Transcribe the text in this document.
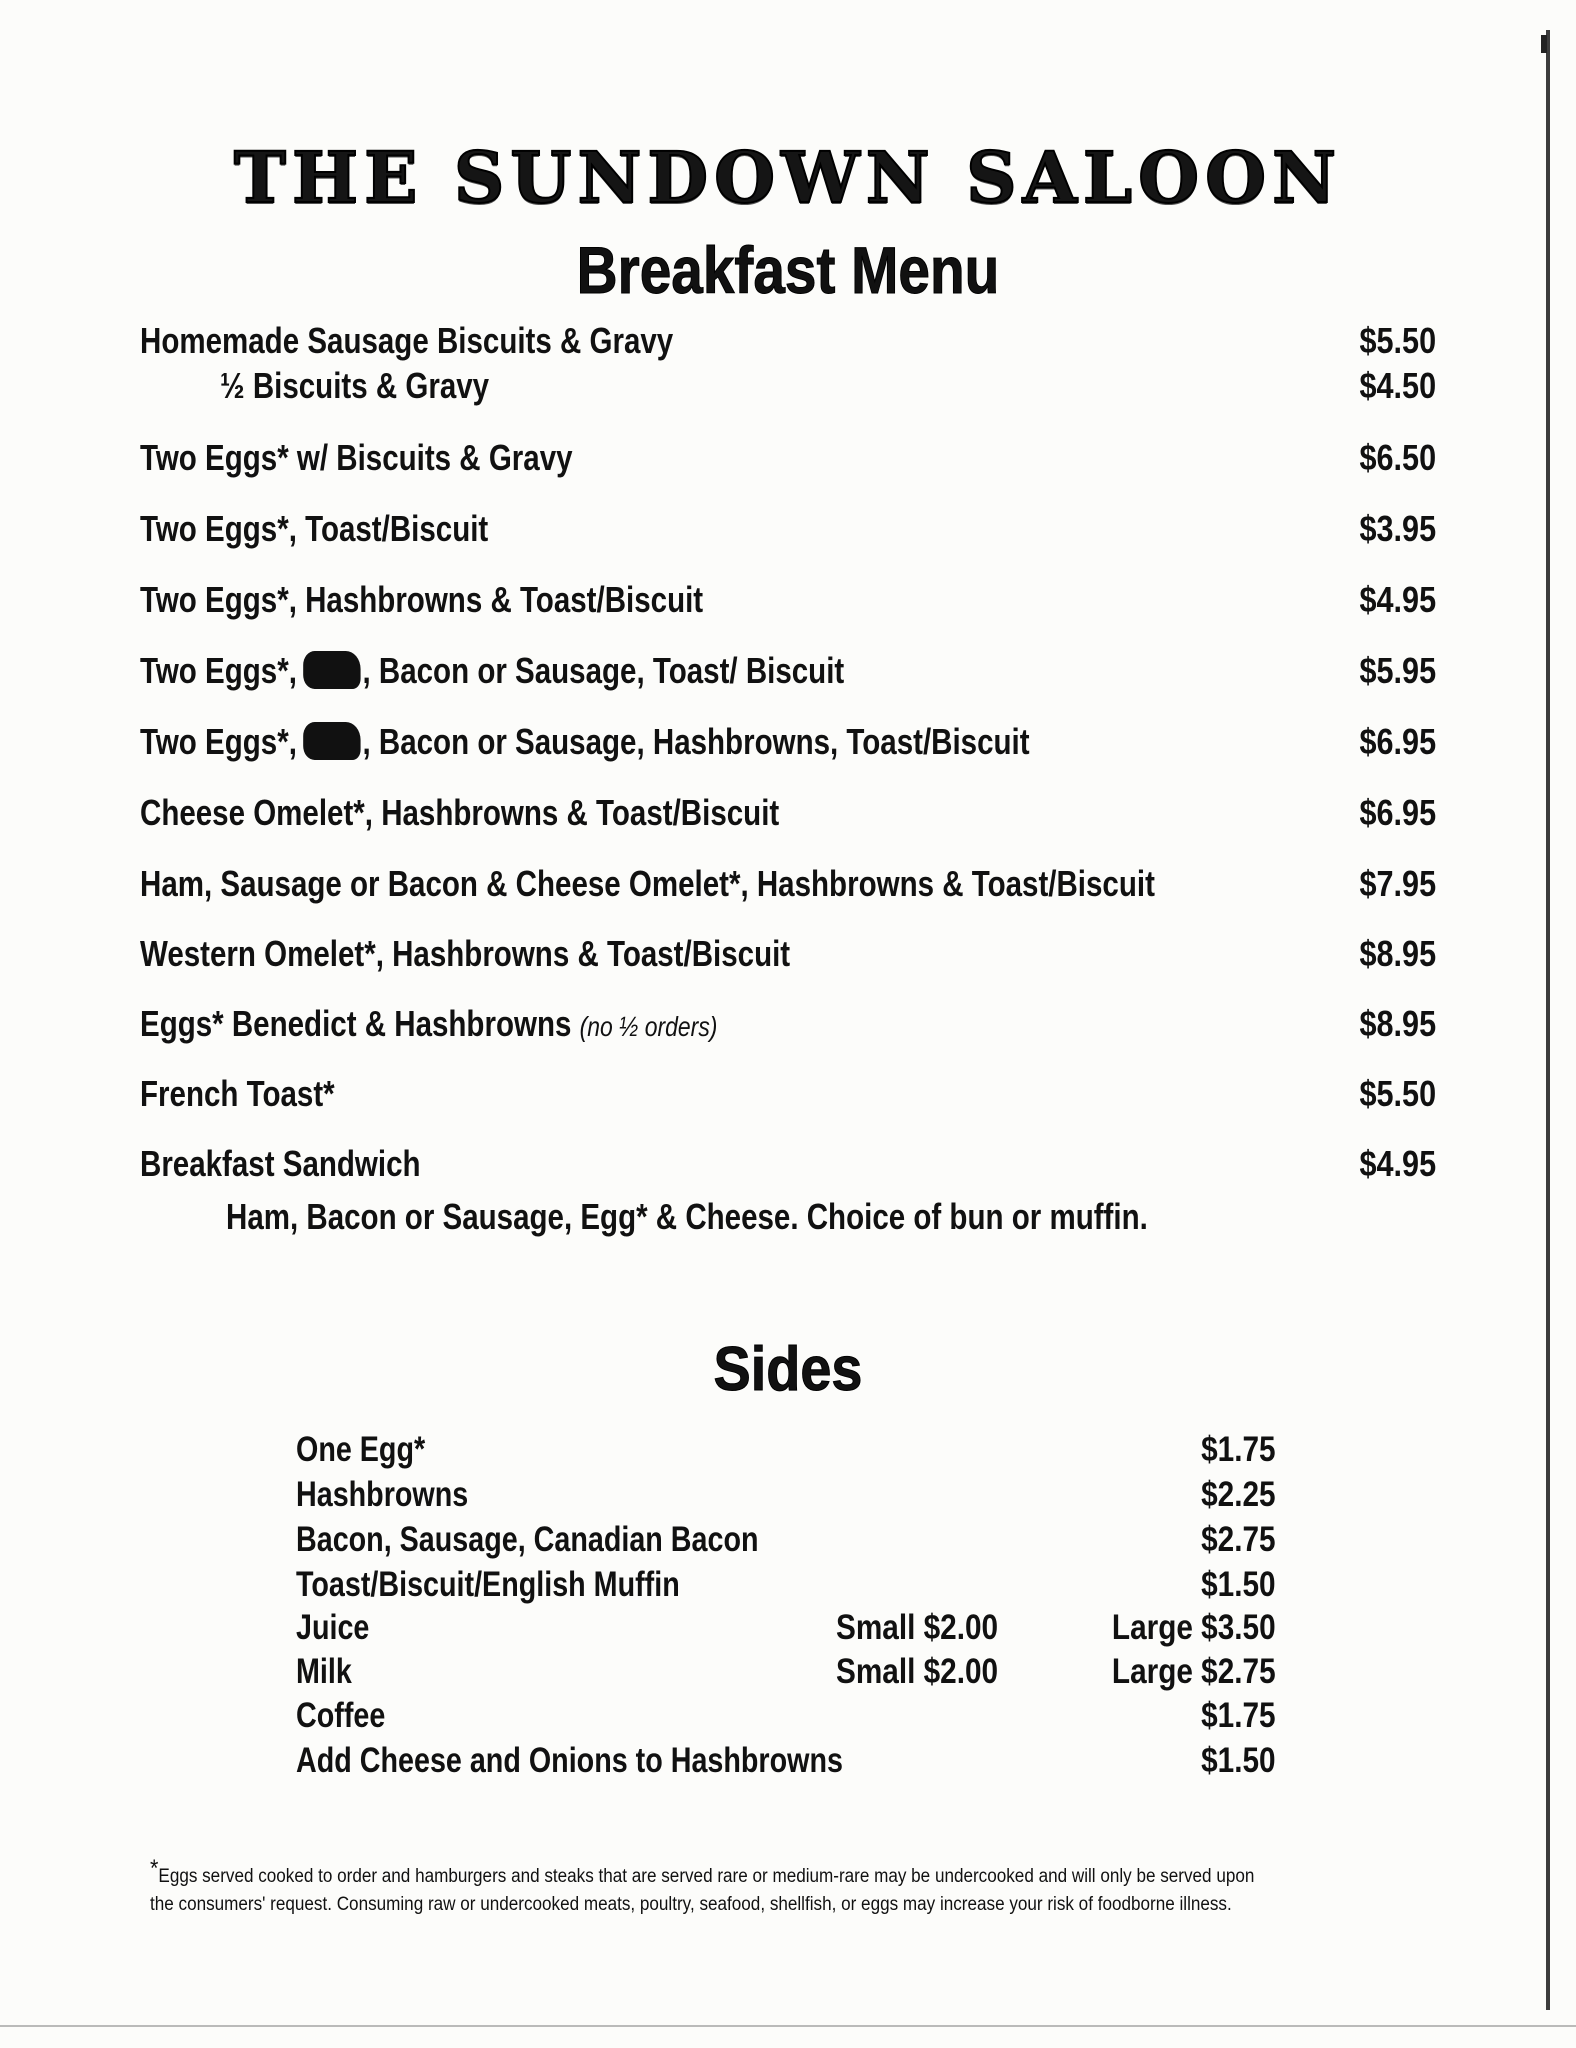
THE SUNDOWN SALOON
Breakfast Menu
Homemade Sausage Biscuits & Gravy	$5.50
½ Biscuits & Gravy	$4.50
Two Eggs* w/ Biscuits & Gravy	$6.50
Two Eggs*, Toast/Biscuit	$3.95
Two Eggs*, Hashbrowns & Toast/Biscuit	$4.95
Two Eggs*, , Bacon or Sausage, Toast/ Biscuit	$5.95
Two Eggs*, , Bacon or Sausage, Hashbrowns, Toast/Biscuit	$6.95
Cheese Omelet*, Hashbrowns & Toast/Biscuit	$6.95
Ham, Sausage or Bacon & Cheese Omelet*, Hashbrowns & Toast/Biscuit	$7.95
Western Omelet*, Hashbrowns & Toast/Biscuit	$8.95
Eggs* Benedict & Hashbrowns (no ½ orders)	$8.95
French Toast*	$5.50
Breakfast Sandwich	$4.95
Ham, Bacon or Sausage, Egg* & Cheese. Choice of bun or muffin.
Sides
One Egg*	$1.75
Hashbrowns	$2.25
Bacon, Sausage, Canadian Bacon	$2.75
Toast/Biscuit/English Muffin	$1.50
Juice	Small $2.00	Large $3.50
Milk	Small $2.00	Large $2.75
Coffee	$1.75
Add Cheese and Onions to Hashbrowns	$1.50
*Eggs served cooked to order and hamburgers and steaks that are served rare or medium-rare may be undercooked and will only be served upon
the consumers' request. Consuming raw or undercooked meats, poultry, seafood, shellfish, or eggs may increase your risk of foodborne illness.
